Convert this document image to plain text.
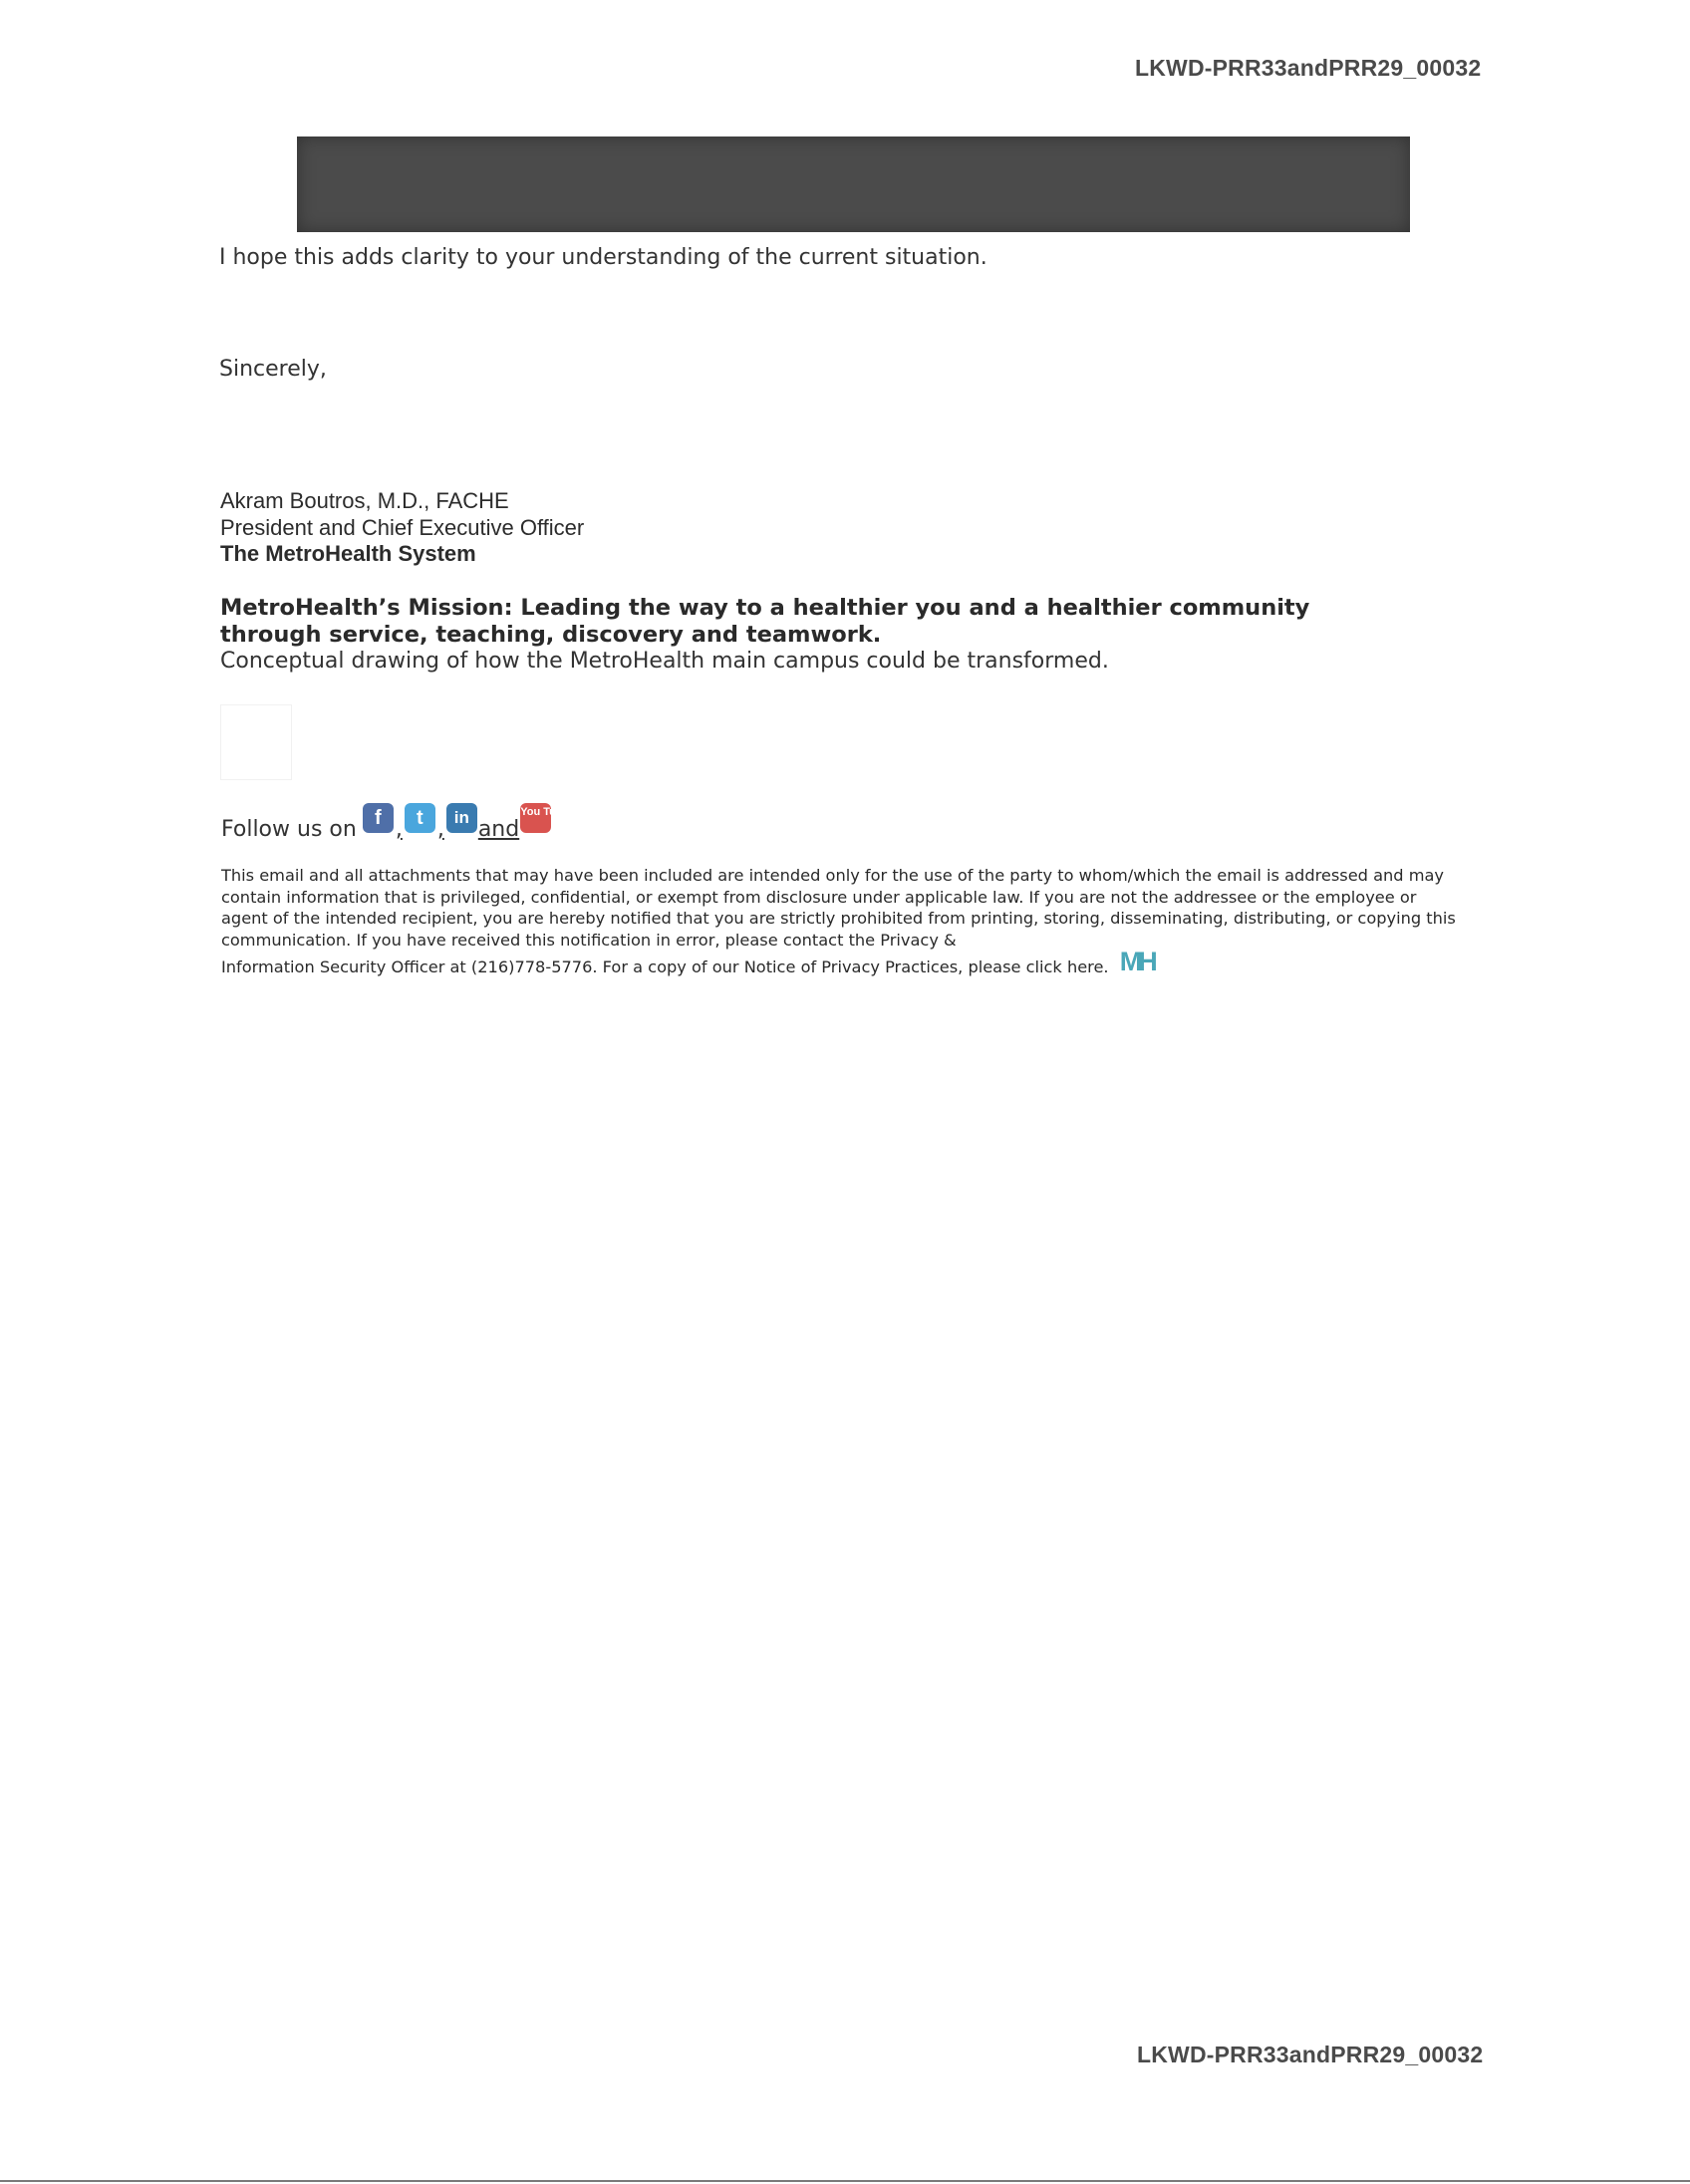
LKWD-PRR33andPRR29_00032
I hope this adds clarity to your understanding of the current situation.
Sincerely,
Akram Boutros, M.D., FACHE
President and Chief Executive Officer
The MetroHealth System
MetroHealth’s Mission: Leading the way to a healthier you and a healthier community through service, teaching, discovery and teamwork.
Conceptual drawing of how the MetroHealth main campus could be transformed.
Follow us on f , t , in and
You Tube
This email and all attachments that may have been included are intended only for the use of the party to whom/which the email is addressed and may contain information that is privileged, confidential, or exempt from disclosure under applicable law. If you are not the addressee or the employee or agent of the intended recipient, you are hereby notified that you are strictly prohibited from printing, storing, disseminating, distributing, or copying this communication. If you have received this notification in error, please contact the Privacy &
Information Security Officer at (216)778-5776. For a copy of our Notice of Privacy Practices, please click here. MH
LKWD-PRR33andPRR29_00032
